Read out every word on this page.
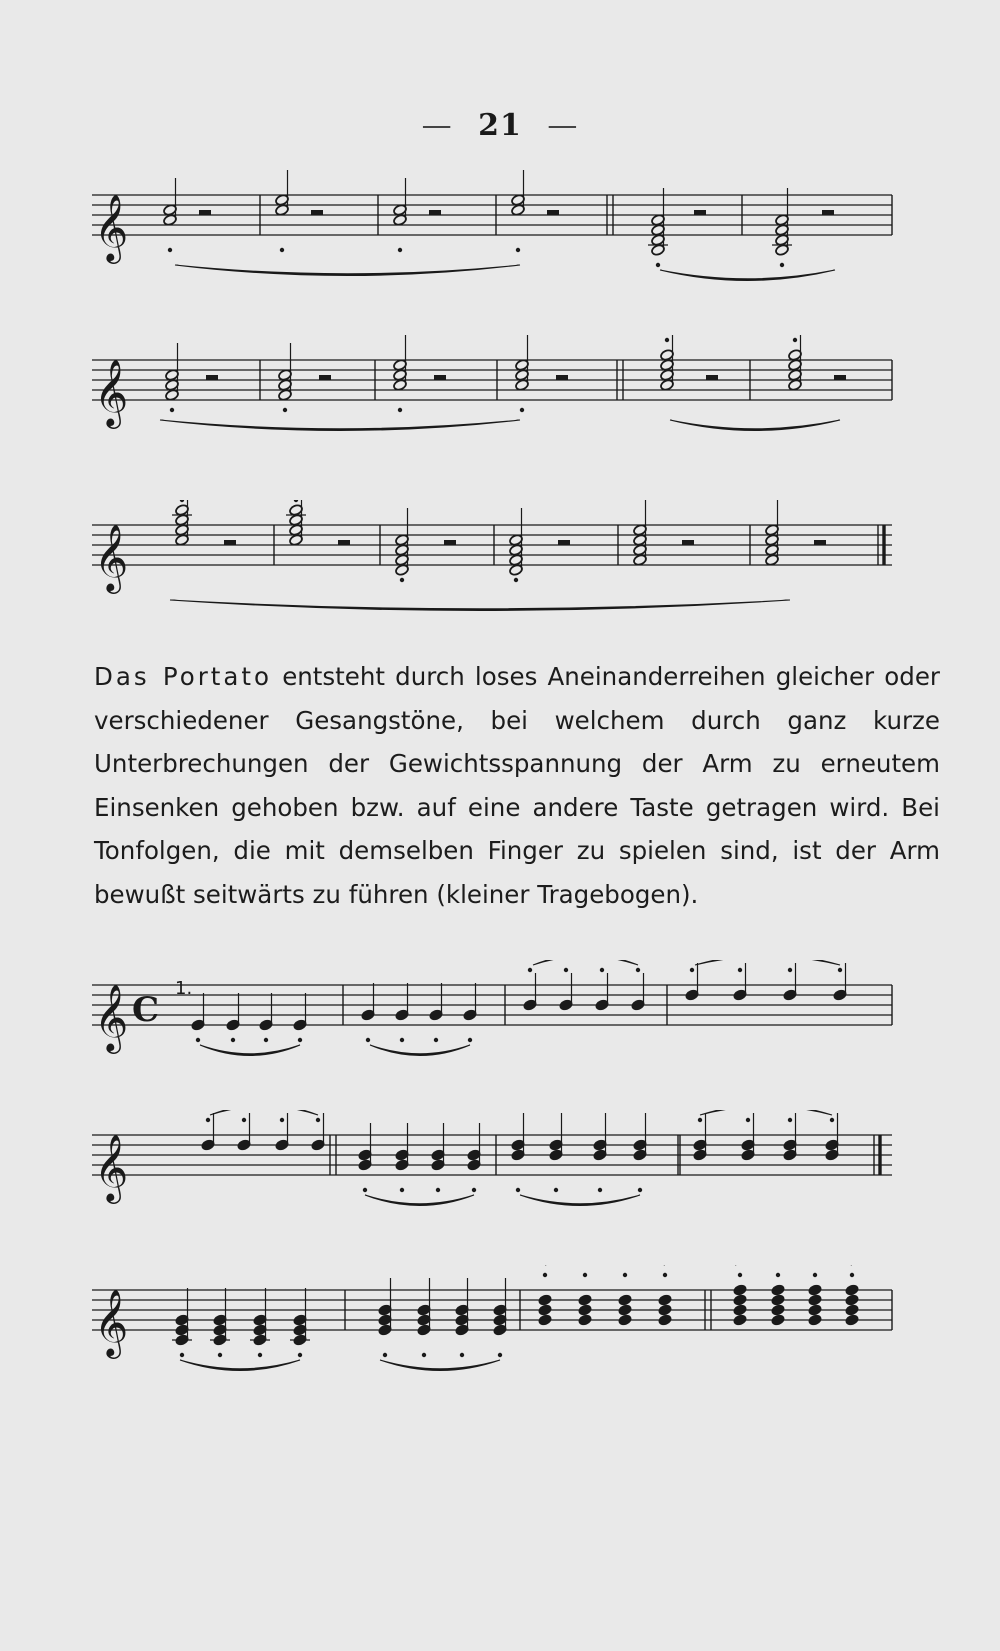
— 21 —
𝄞
𝄞
𝄞
Das Portato entsteht durch loses Aneinanderreihen gleicher oder verschiedener Gesangstöne, bei welchem durch ganz kurze Unterbrechungen der Gewichtsspannung der Arm zu erneutem Einsenken gehoben bzw. auf eine andere Taste getragen wird. Bei Tonfolgen, die mit demselben Finger zu spielen sind, ist der Arm bewußt seitwärts zu führen (kleiner Tragebogen).
1.
𝄞 C
𝄞
𝄞
